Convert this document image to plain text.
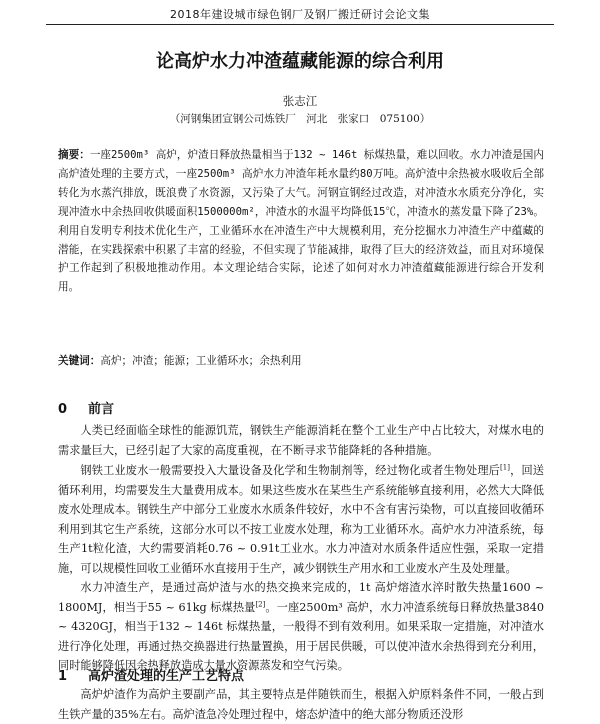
2018年建设城市绿色钢厂及钢厂搬迁研讨会论文集
论高炉水力冲渣蕴藏能源的综合利用
张志江
（河钢集团宣钢公司炼铁厂　河北　张家口　075100）
摘要：一座2500m³ 高炉，炉渣日释放热量相当于132 ~ 146t 标煤热量，难以回收。水力冲渣是国内高炉渣处理的主要方式，一座2500m³ 高炉水力冲渣年耗水量约80万吨。高炉渣中余热被水吸收后全部转化为水蒸汽排放，既浪费了水资源，又污染了大气。河钢宣钢经过改造，对冲渣水水质充分净化，实现冲渣水中余热回收供暖面积1500000m²，冲渣水的水温平均降低15℃，冲渣水的蒸发量下降了23%。利用自发明专利技术优化生产，工业循环水在冲渣生产中大规模利用，充分挖掘水力冲渣生产中蕴藏的潜能，在实践探索中积累了丰富的经验，不但实现了节能减排，取得了巨大的经济效益，而且对环境保护工作起到了积极地推动作用。本文理论结合实际，论述了如何对水力冲渣蕴藏能源进行综合开发利用。
关键词：高炉；冲渣；能源；工业循环水；余热利用
0 前言
人类已经面临全球性的能源饥荒，钢铁生产能源消耗在整个工业生产中占比较大，对煤水电的需求量巨大，已经引起了大家的高度重视，在不断寻求节能降耗的各种措施。
钢铁工业废水一般需要投入大量设备及化学和生物制剂等，经过物化或者生物处理后[1]，回送循环利用，均需要发生大量费用成本。如果这些废水在某些生产系统能够直接利用，必然大大降低废水处理成本。钢铁生产中部分工业废水水质条件较好，水中不含有害污染物，可以直接回收循环利用到其它生产系统，这部分水可以不按工业废水处理，称为工业循环水。高炉水力冲渣系统，每生产1t粒化渣，大约需要消耗0.76 ~ 0.91t工业水。水力冲渣对水质条件适应性强，采取一定措施，可以规模性回收工业循环水直接用于生产，减少钢铁生产用水和工业废水产生及处理量。
水力冲渣生产，是通过高炉渣与水的热交换来完成的，1t 高炉熔渣水淬时散失热量1600 ~ 1800MJ，相当于55 ~ 61kg 标煤热量[2]。一座2500m³ 高炉，水力冲渣系统每日释放热量3840 ~ 4320GJ，相当于132 ~ 146t 标煤热量，一般得不到有效利用。如果采取一定措施，对冲渣水进行净化处理，再通过热交换器进行热量置换，用于居民供暖，可以使冲渣水余热得到充分利用，同时能够降低因余热释放造成大量水资源蒸发和空气污染。
1 高炉渣处理的生产工艺特点
高炉炉渣作为高炉主要副产品，其主要特点是伴随铁而生，根据入炉原料条件不同，一般占到生铁产量的35%左右。高炉渣急冷处理过程中，熔态炉渣中的绝大部分物质还没形
